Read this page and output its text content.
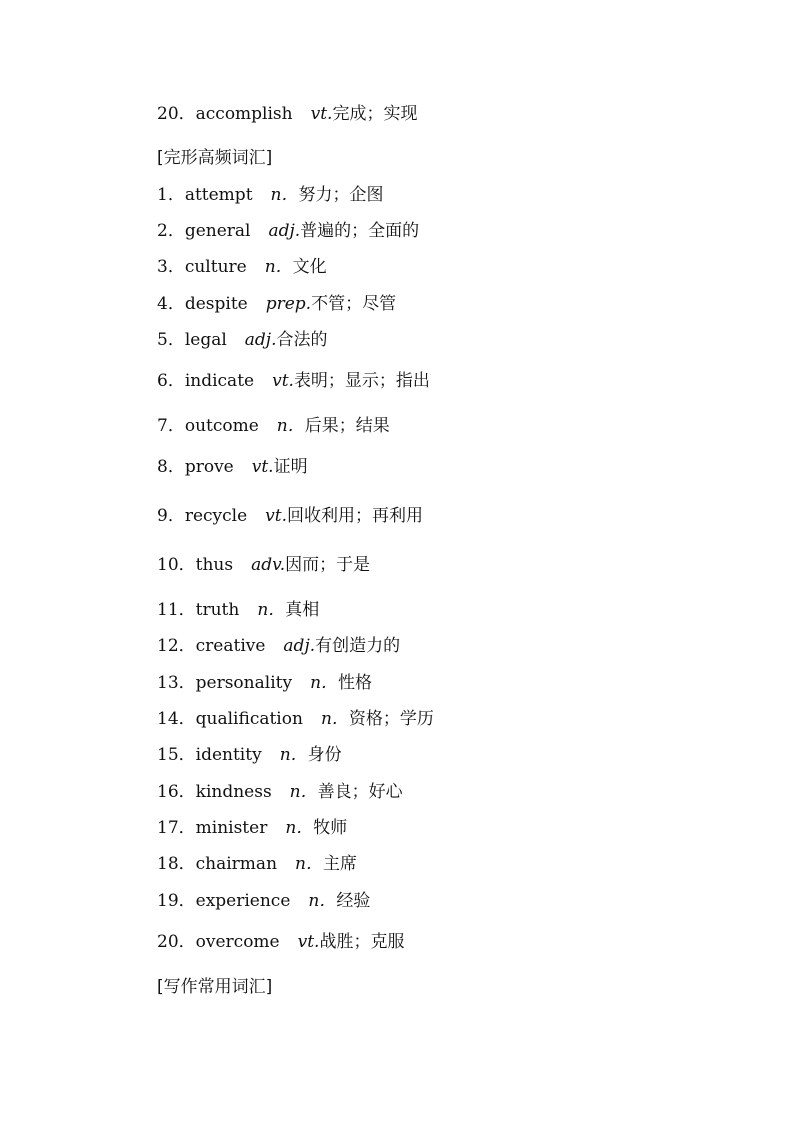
20．accomplish vt.完成；实现
[完形高频词汇]
1．attempt n．努力；企图
2．general adj.普遍的；全面的
3．culture n．文化
4．despite prep.不管；尽管
5．legal adj.合法的
6．indicate vt.表明；显示；指出
7．outcome n．后果；结果
8．prove vt.证明
9．recycle vt.回收利用；再利用
10．thus adv.因而；于是
11．truth n．真相
12．creative adj.有创造力的
13．personality n．性格
14．qualification n．资格；学历
15．identity n．身份
16．kindness n．善良；好心
17．minister n．牧师
18．chairman n．主席
19．experience n．经验
20．overcome vt.战胜；克服
[写作常用词汇]
